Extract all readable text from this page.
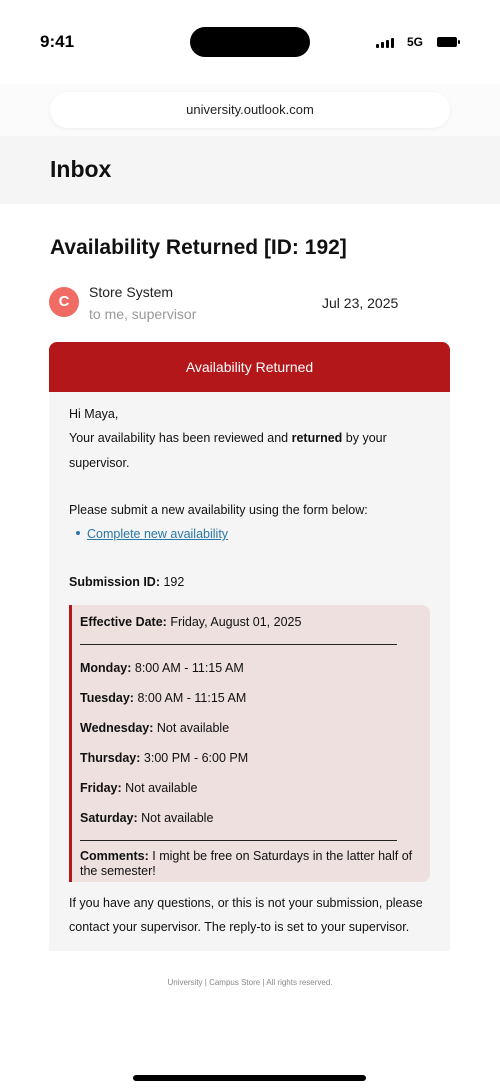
9:41	5G
university.outlook.com
Inbox
Availability Returned [ID: 192]
C
Store System
to me, supervisor
Jul 23, 2025
Availability Returned
Hi Maya,
Your availability has been reviewed and returned by your
supervisor.
Please submit a new availability using the form below:
Complete new availability
Submission ID: 192
Effective Date: Friday, August 01, 2025
Monday: 8:00 AM - 11:15 AM
Tuesday: 8:00 AM - 11:15 AM
Wednesday: Not available
Thursday: 3:00 PM - 6:00 PM
Friday: Not available
Saturday: Not available
Comments: I might be free on Saturdays in the latter half of the semester!
If you have any questions, or this is not your submission, please
contact your supervisor. The reply-to is set to your supervisor.
University | Campus Store | All rights reserved.
